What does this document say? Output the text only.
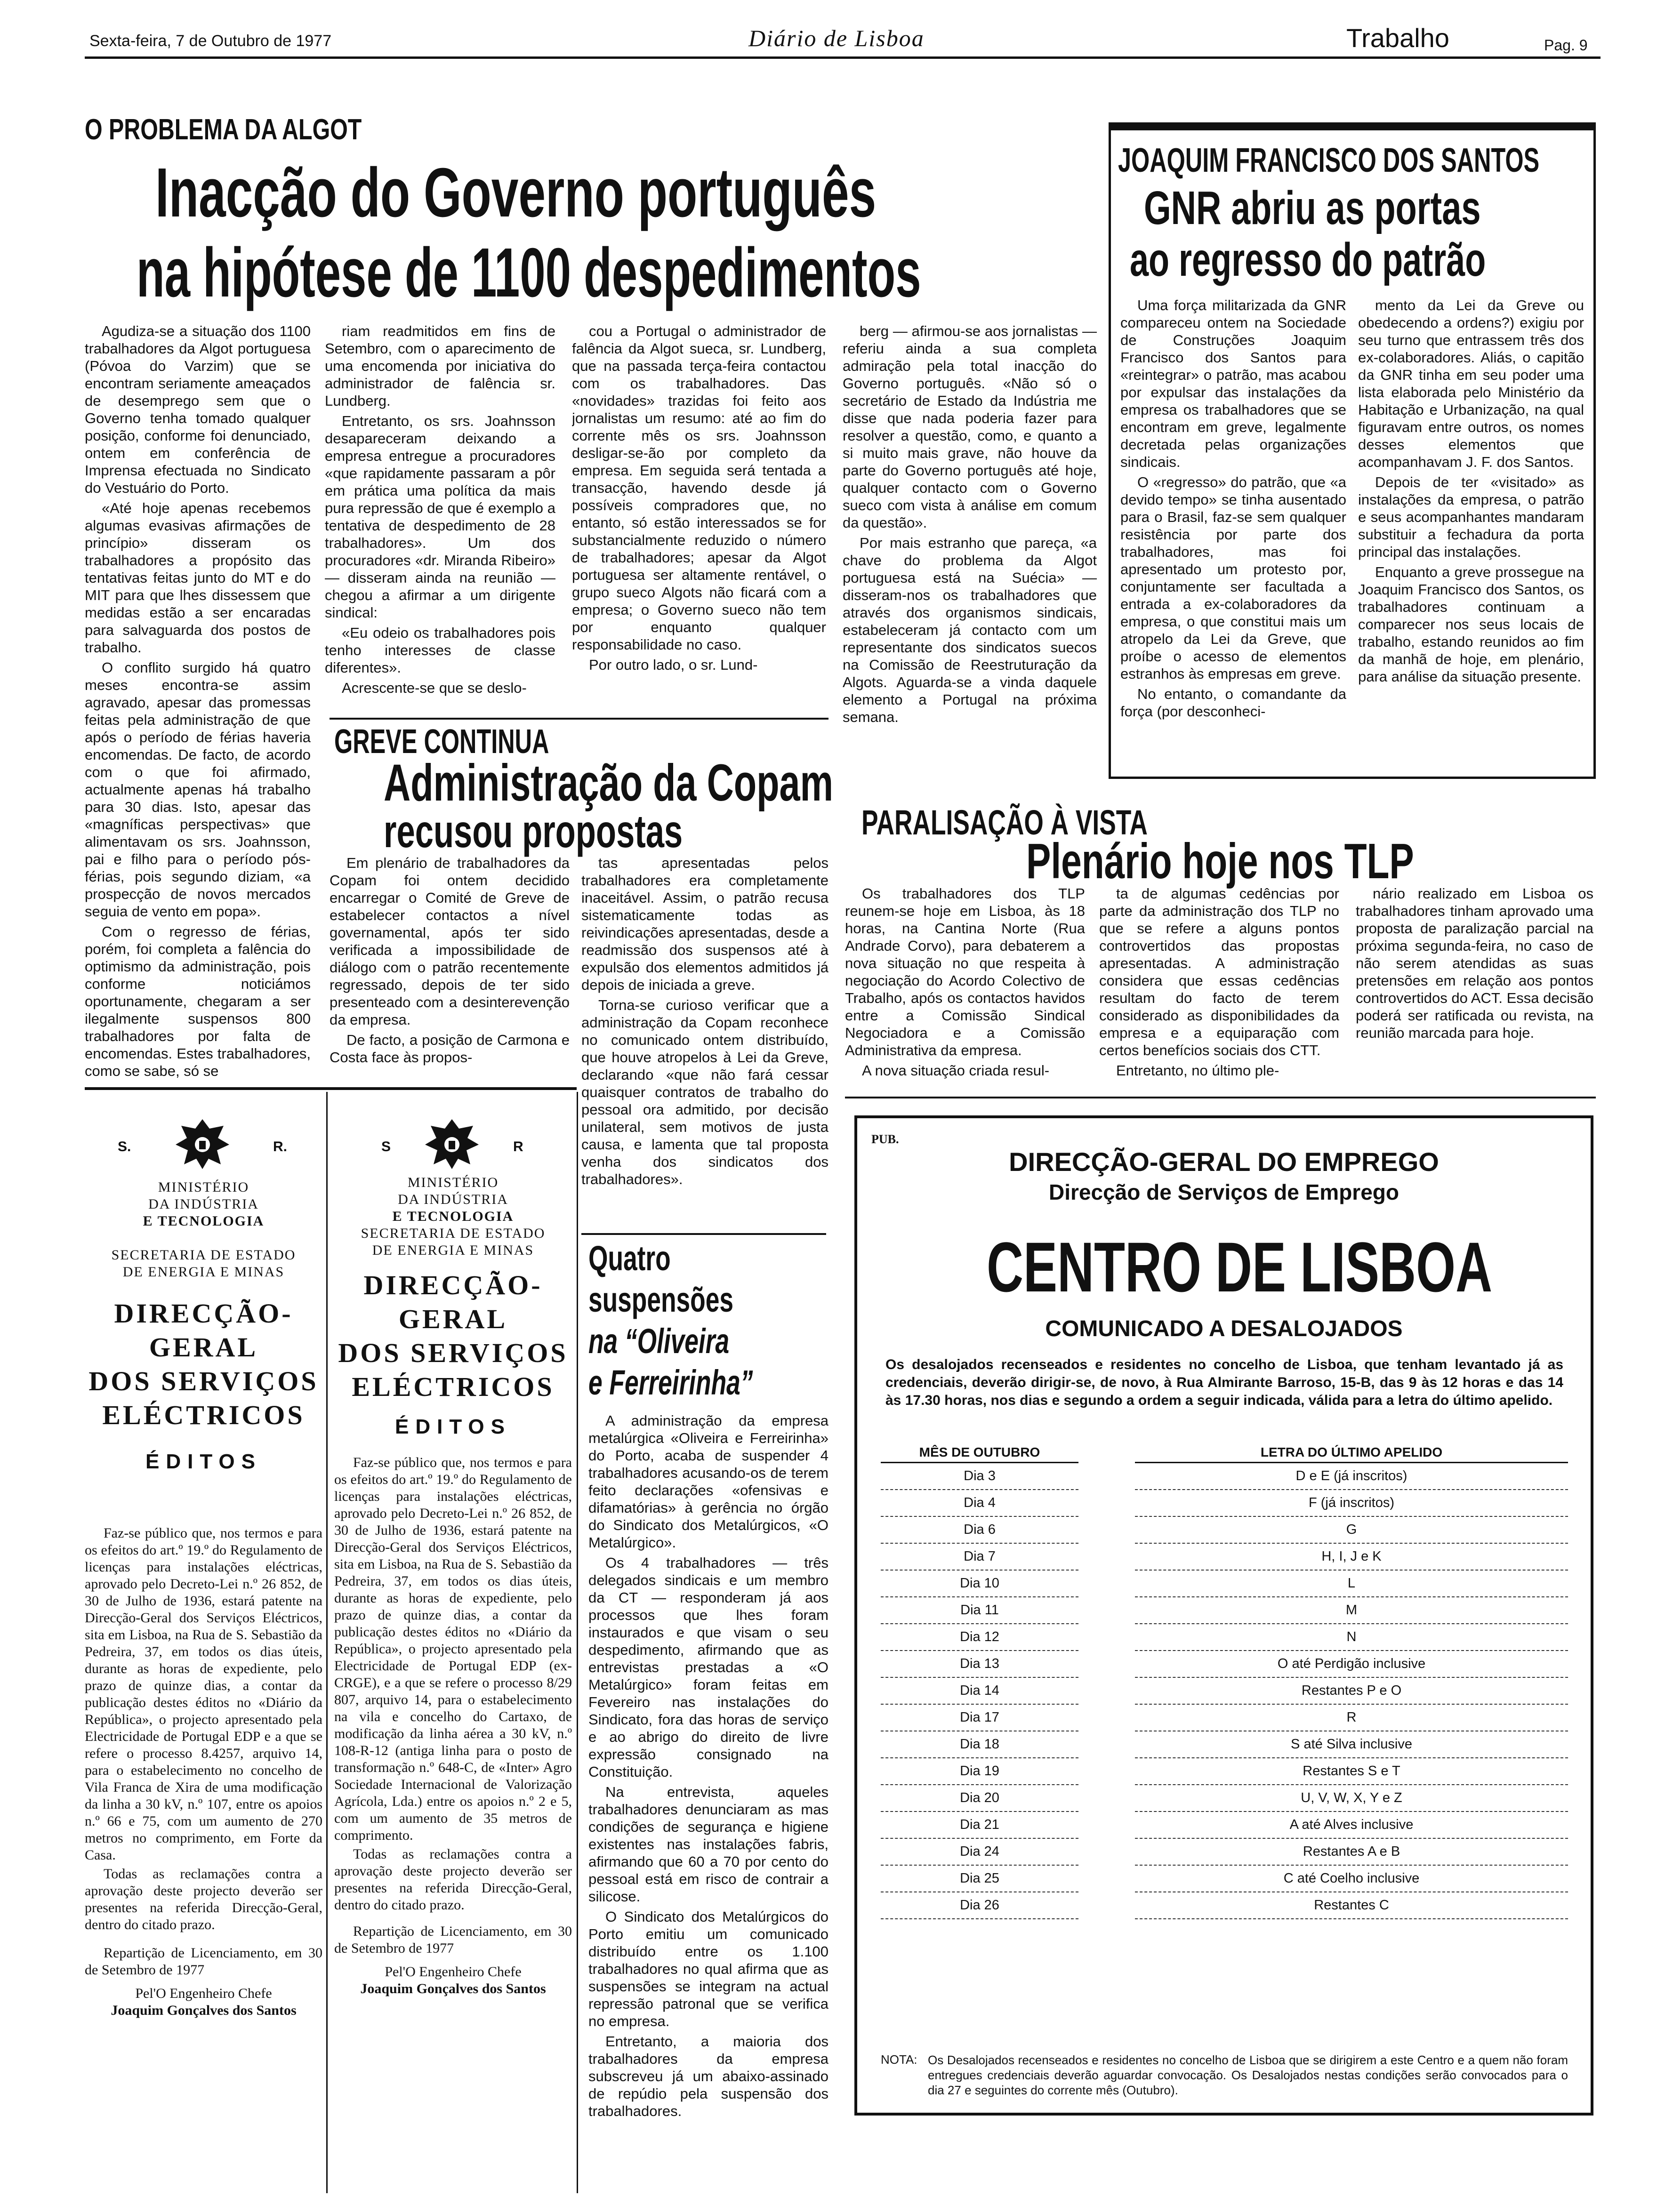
Sexta-feira, 7 de Outubro de 1977	Diário de Lisboa	Trabalho	Pag. 9
O PROBLEMA DA ALGOT
Inacção do Governo português
na hipótese de 1100 despedimentos

Agudiza-se a situação dos 1100 trabalhadores da Algot portuguesa (Póvoa do Varzim) que se encontram seriamente ameaçados de desemprego sem que o Governo tenha tomado qualquer posição, conforme foi denunciado, ontem em conferência de Imprensa efectuada no Sindicato do Vestuário do Porto.

«Até hoje apenas recebemos algumas evasivas afirmações de princípio» disseram os trabalhadores a propósito das tentativas feitas junto do MT e do MIT para que lhes dissessem que medidas estão a ser encaradas para salvaguarda dos postos de trabalho.

O conflito surgido há quatro meses encontra-se assim agravado, apesar das promessas feitas pela administração de que após o período de férias haveria encomendas. De facto, de acordo com o que foi afirmado, actualmente apenas há trabalho para 30 dias. Isto, apesar das «magníficas perspectivas» que alimentavam os srs. Joahnsson, pai e filho para o período pós-férias, pois segundo diziam, «a prospecção de novos mercados seguia de vento em popa».

Com o regresso de férias, porém, foi completa a falência do optimismo da administração, pois conforme noticiámos oportunamente, chegaram a ser ilegalmente suspensos 800 trabalhadores por falta de encomendas. Estes trabalhadores, como se sabe, só se

riam readmitidos em fins de Setembro, com o aparecimento de uma encomenda por iniciativa do administrador de falência sr. Lundberg.

Entretanto, os srs. Joahnsson desapareceram deixando a empresa entregue a procuradores «que rapidamente passaram a pôr em prática uma política da mais pura repressão de que é exemplo a tentativa de despedimento de 28 trabalhadores». Um dos procuradores «dr. Miranda Ribeiro» — disseram ainda na reunião — chegou a afirmar a um dirigente sindical:

«Eu odeio os trabalhadores pois tenho interesses de classe diferentes».

Acrescente-se que se deslo-

cou a Portugal o administrador de falência da Algot sueca, sr. Lundberg, que na passada terça-feira contactou com os trabalhadores. Das «novidades» trazidas foi feito aos jornalistas um resumo: até ao fim do corrente mês os srs. Joahnsson desligar-se-ão por completo da empresa. Em seguida será tentada a transacção, havendo desde já possíveis compradores que, no entanto, só estão interessados se for substancialmente reduzido o número de trabalhadores; apesar da Algot portuguesa ser altamente rentável, o grupo sueco Algots não ficará com a empresa; o Governo sueco não tem por enquanto qualquer responsabilidade no caso.

Por outro lado, o sr. Lund-

berg — afirmou-se aos jornalistas — referiu ainda a sua completa admiração pela total inacção do Governo português. «Não só o secretário de Estado da Indústria me disse que nada poderia fazer para resolver a questão, como, e quanto a si muito mais grave, não houve da parte do Governo português até hoje, qualquer contacto com o Governo sueco com vista à análise em comum da questão».

Por mais estranho que pareça, «a chave do problema da Algot portuguesa está na Suécia» — disseram-nos os trabalhadores que através dos organismos sindicais, estabeleceram já contacto com um representante dos sindicatos suecos na Comissão de Reestruturação da Algots. Aguarda-se a vinda daquele elemento a Portugal na próxima semana.

JOAQUIM FRANCISCO DOS SANTOS
GNR abriu as portas
ao regresso do patrão

Uma força militarizada da GNR compareceu ontem na Sociedade de Construções Joaquim Francisco dos Santos para «reintegrar» o patrão, mas acabou por expulsar das instalações da empresa os trabalhadores que se encontram em greve, legalmente decretada pelas organizações sindicais.

O «regresso» do patrão, que «a devido tempo» se tinha ausentado para o Brasil, faz-se sem qualquer resistência por parte dos trabalhadores, mas foi apresentado um protesto por, conjuntamente ser facultada a entrada a ex-colaboradores da empresa, o que constitui mais um atropelo da Lei da Greve, que proíbe o acesso de elementos estranhos às empresas em greve.

No entanto, o comandante da força (por desconheci-

mento da Lei da Greve ou obedecendo a ordens?) exigiu por seu turno que entrassem três dos ex-colaboradores. Aliás, o capitão da GNR tinha em seu poder uma lista elaborada pelo Ministério da Habitação e Urbanização, na qual figuravam entre outros, os nomes desses elementos que acompanhavam J. F. dos Santos.

Depois de ter «visitado» as instalações da empresa, o patrão e seus acompanhantes mandaram substituir a fechadura da porta principal das instalações.

Enquanto a greve prossegue na Joaquim Francisco dos Santos, os trabalhadores continuam a comparecer nos seus locais de trabalho, estando reunidos ao fim da manhã de hoje, em plenário, para análise da situação presente.

GREVE CONTINUA
Administração da Copam
recusou propostas

Em plenário de trabalhadores da Copam foi ontem decidido encarregar o Comité de Greve de estabelecer contactos a nível governamental, após ter sido verificada a impossibilidade de diálogo com o patrão recentemente regressado, depois de ter sido presenteado com a desinterevenção da empresa.

De facto, a posição de Carmona e Costa face às propos-

tas apresentadas pelos trabalhadores era completamente inaceitável. Assim, o patrão recusa sistematicamente todas as reivindicações apresentadas, desde a readmissão dos suspensos até à expulsão dos elementos admitidos já depois de iniciada a greve.

Torna-se curioso verificar que a administração da Copam reconhece no comunicado ontem distribuído, que houve atropelos à Lei da Greve, declarando «que não fará cessar quaisquer contratos de trabalho do pessoal ora admitido, por decisão unilateral, sem motivos de justa causa, e lamenta que tal proposta venha dos sindicatos dos trabalhadores».

PARALISAÇÃO À VISTA
Plenário hoje nos TLP

Os trabalhadores dos TLP reunem-se hoje em Lisboa, às 18 horas, na Cantina Norte (Rua Andrade Corvo), para debaterem a nova situação no que respeita à negociação do Acordo Colectivo de Trabalho, após os contactos havidos entre a Comissão Sindical Negociadora e a Comissão Administrativa da empresa.

A nova situação criada resul-

ta de algumas cedências por parte da administração dos TLP no que se refere a alguns pontos controvertidos das propostas apresentadas. A administração considera que essas cedências resultam do facto de terem considerado as disponibilidades da empresa e a equiparação com certos benefícios sociais dos CTT.

Entretanto, no último ple-

nário realizado em Lisboa os trabalhadores tinham aprovado uma proposta de paralização parcial na próxima segunda-feira, no caso de não serem atendidas as suas pretensões em relação aos pontos controvertidos do ACT. Essa decisão poderá ser ratificada ou revista, na reunião marcada para hoje.

S.	R.
MINISTÉRIO
DA INDÚSTRIA
E TECNOLOGIA
SECRETARIA DE ESTADO
DE ENERGIA E MINAS
DIRECÇÃO-GERAL
DOS SERVIÇOS
ELÉCTRICOS
ÉDITOS

Faz-se público que, nos termos e para os efeitos do art.º 19.º do Regulamento de licenças para instalações eléctricas, aprovado pelo Decreto-Lei n.º 26 852, de 30 de Julho de 1936, estará patente na Direcção-Geral dos Serviços Eléctricos, sita em Lisboa, na Rua de S. Sebastião da Pedreira, 37, em todos os dias úteis, durante as horas de expediente, pelo prazo de quinze dias, a contar da publicação destes éditos no «Diário da República», o projecto apresentado pela Electricidade de Portugal EDP e a que se refere o processo 8.4257, arquivo 14, para o estabelecimento no concelho de Vila Franca de Xira de uma modificação da linha a 30 kV, n.º 107, entre os apoios n.º 66 e 75, com um aumento de 270 metros no comprimento, em Forte da Casa.

Todas as reclamações contra a aprovação deste projecto deverão ser presentes na referida Direcção-Geral, dentro do citado prazo.

Repartição de Licenciamento, em 30 de Setembro de 1977

Pel'O Engenheiro Chefe
Joaquim Gonçalves dos Santos
S	R
MINISTÉRIO
DA INDÚSTRIA
E TECNOLOGIA
SECRETARIA DE ESTADO
DE ENERGIA E MINAS
DIRECÇÃO-GERAL
DOS SERVIÇOS
ELÉCTRICOS
ÉDITOS

Faz-se público que, nos termos e para os efeitos do art.º 19.º do Regulamento de licenças para instalações eléctricas, aprovado pelo Decreto-Lei n.º 26 852, de 30 de Julho de 1936, estará patente na Direcção-Geral dos Serviços Eléctricos, sita em Lisboa, na Rua de S. Sebastião da Pedreira, 37, em todos os dias úteis, durante as horas de expediente, pelo prazo de quinze dias, a contar da publicação destes éditos no «Diário da República», o projecto apresentado pela Electricidade de Portugal EDP (ex-CRGE), e a que se refere o processo 8/29 807, arquivo 14, para o estabelecimento na vila e concelho do Cartaxo, de modificação da linha aérea a 30 kV, n.º 108-R-12 (antiga linha para o posto de transformação n.º 648-C, de «Inter» Agro Sociedade Internacional de Valorização Agrícola, Lda.) entre os apoios n.º 2 e 5, com um aumento de 35 metros de comprimento.

Todas as reclamações contra a aprovação deste projecto deverão ser presentes na referida Direcção-Geral, dentro do citado prazo.

Repartição de Licenciamento, em 30 de Setembro de 1977

Pel'O Engenheiro Chefe
Joaquim Gonçalves dos Santos
Quatro
suspensões
na “Oliveira
e Ferreirinha”

A administração da empresa metalúrgica «Oliveira e Ferreirinha» do Porto, acaba de suspender 4 trabalhadores acusando-os de terem feito declarações «ofensivas e difamatórias» à gerência no órgão do Sindicato dos Metalúrgicos, «O Metalúrgico».

Os 4 trabalhadores — três delegados sindicais e um membro da CT — responderam já aos processos que lhes foram instaurados e que visam o seu despedimento, afirmando que as entrevistas prestadas a «O Metalúrgico» foram feitas em Fevereiro nas instalações do Sindicato, fora das horas de serviço e ao abrigo do direito de livre expressão consignado na Constituição.

Na entrevista, aqueles trabalhadores denunciaram as mas condições de segurança e higiene existentes nas instalações fabris, afirmando que 60 a 70 por cento do pessoal está em risco de contrair a silicose.

O Sindicato dos Metalúrgicos do Porto emitiu um comunicado distribuído entre os 1.100 trabalhadores no qual afirma que as suspensões se integram na actual repressão patronal que se verifica no empresa.

Entretanto, a maioria dos trabalhadores da empresa subscreveu já um abaixo-assinado de repúdio pela suspensão dos trabalhadores.

PUB.
DIRECÇÃO-GERAL DO EMPREGO
Direcção de Serviços de Emprego
CENTRO DE LISBOA
COMUNICADO A DESALOJADOS
Os desalojados recenseados e residentes no concelho de Lisboa, que tenham levantado já as credenciais, deverão dirigir-se, de novo, à Rua Almirante Barroso, 15-B, das 9 às 12 horas e das 14 às 17.30 horas, nos dias e segundo a ordem a seguir indicada, válida para a letra do último apelido.
MÊS DE OUTUBRO		LETRA DO ÚLTIMO APELIDO
Dia 3		D e E (já inscritos)
Dia 4		F (já inscritos)
Dia 6		G
Dia 7		H, I, J e K
Dia 10		L
Dia 11		M
Dia 12		N
Dia 13		O até Perdigão inclusive
Dia 14		Restantes P e O
Dia 17		R
Dia 18		S até Silva inclusive
Dia 19		Restantes S e T
Dia 20		U, V, W, X, Y e Z
Dia 21		A até Alves inclusive
Dia 24		Restantes A e B
Dia 25		C até Coelho inclusive
Dia 26		Restantes C
NOTA: Os Desalojados recenseados e residentes no concelho de Lisboa que se dirigirem a este Centro e a quem não foram entregues credenciais deverão aguardar convocação. Os Desalojados nestas condições serão convocados para o dia 27 e seguintes do corrente mês (Outubro).
